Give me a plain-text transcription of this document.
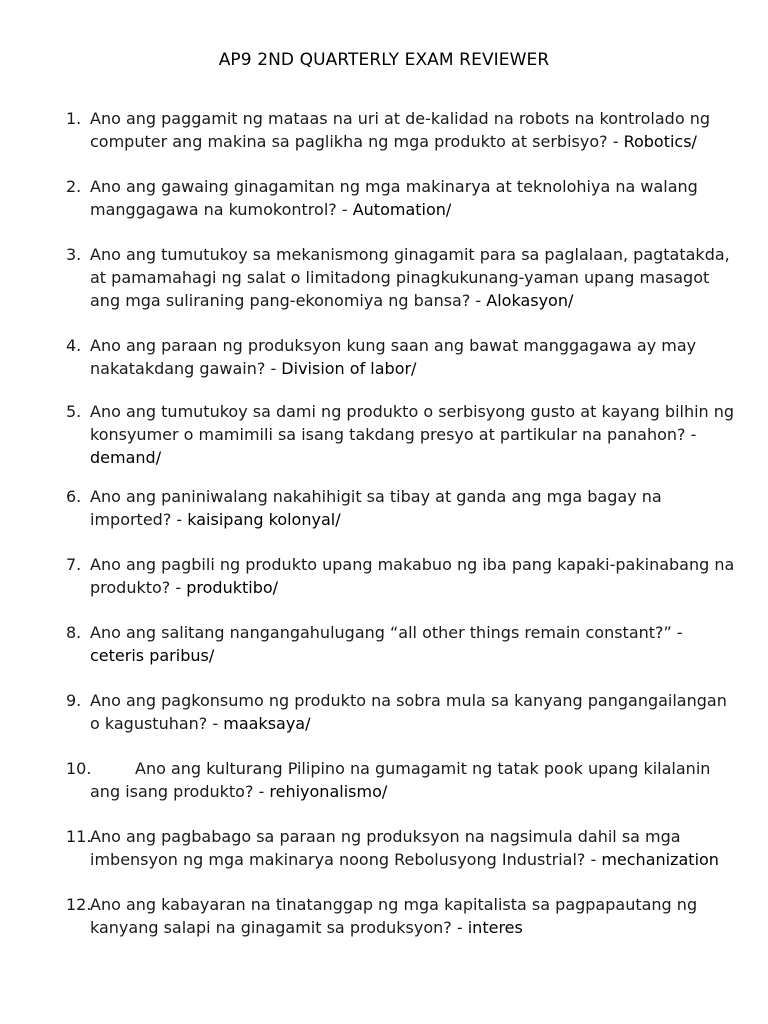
AP9 2ND QUARTERLY EXAM REVIEWER
1. Ano ang paggamit ng mataas na uri at de-kalidad na robots na kontrolado ng computer ang makina sa paglikha ng mga produkto at serbisyo? - Robotics/
2. Ano ang gawaing ginagamitan ng mga makinarya at teknolohiya na walang manggagawa na kumokontrol? - Automation/
3. Ano ang tumutukoy sa mekanismong ginagamit para sa paglalaan, pagtatakda, at pamamahagi ng salat o limitadong pinagkukunang-yaman upang masagot ang mga suliraning pang-ekonomiya ng bansa? - Alokasyon/
4. Ano ang paraan ng produksyon kung saan ang bawat manggagawa ay may nakatakdang gawain? - Division of labor/
5. Ano ang tumutukoy sa dami ng produkto o serbisyong gusto at kayang bilhin ng konsyumer o mamimili sa isang takdang presyo at partikular na panahon? - demand/
6. Ano ang paniniwalang nakahihigit sa tibay at ganda ang mga bagay na imported? - kaisipang kolonyal/
7. Ano ang pagbili ng produkto upang makabuo ng iba pang kapaki-pakinabang na produkto? - produktibo/
8. Ano ang salitang nangangahulugang “all other things remain constant?” - ceteris paribus/
9. Ano ang pagkonsumo ng produkto na sobra mula sa kanyang pangangailangan o kagustuhan? - maaksaya/
10.	Ano ang kulturang Pilipino na gumagamit ng tatak pook upang kilalanin ang isang produkto? - rehiyonalismo/
11.
Ano ang pagbabago sa paraan ng produksyon na nagsimula dahil sa mga imbensyon ng mga makinarya noong Rebolusyong Industrial? - mechanization
12.
Ano ang kabayaran na tinatanggap ng mga kapitalista sa pagpapautang ng kanyang salapi na ginagamit sa produksyon? - interes
